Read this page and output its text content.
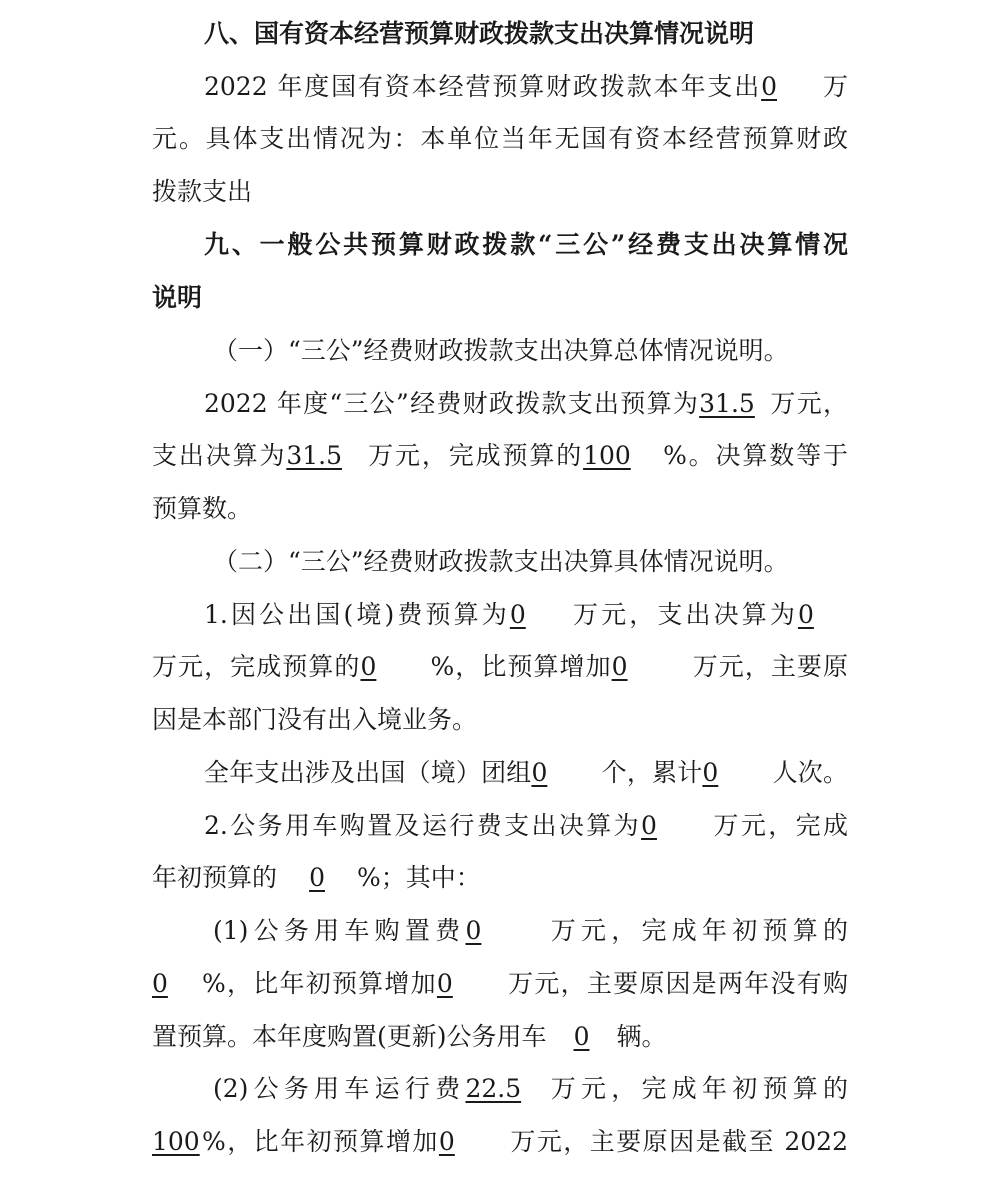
八、国有资本经营预算财政拨款支出决算情况说明
2022 年度国有资本经营预算财政拨款本年支出0 万
元。具体支出情况为：本单位当年无国有资本经营预算财政
拨款支出
九、一般公共预算财政拨款“三公”经费支出决算情况
说明
（一）“三公”经费财政拨款支出决算总体情况说明。
2022 年度“三公”经费财政拨款支出预算为31.5 万元，
支出决算为31.5 万元，完成预算的100 %。决算数等于
预算数。
（二）“三公”经费财政拨款支出决算具体情况说明。
1.因公出国(境)费预算为0 万元，支出决算为0
万元，完成预算的0 %，比预算增加0	万元，主要原
因是本部门没有出入境业务。
全年支出涉及出国（境）团组0 个，累计0 人次。
2.公务用车购置及运行费支出决算为0 万元，完成
年初预算的 0 %；其中：
(1)公务用车购置费0	万元，完成年初预算的
0 %，比年初预算增加0 万元，主要原因是两年没有购
置预算。本年度购置(更新)公务用车 0 辆。
(2)公务用车运行费22.5 万元，完成年初预算的
100%，比年初预算增加0 万元，主要原因是截至 2022
